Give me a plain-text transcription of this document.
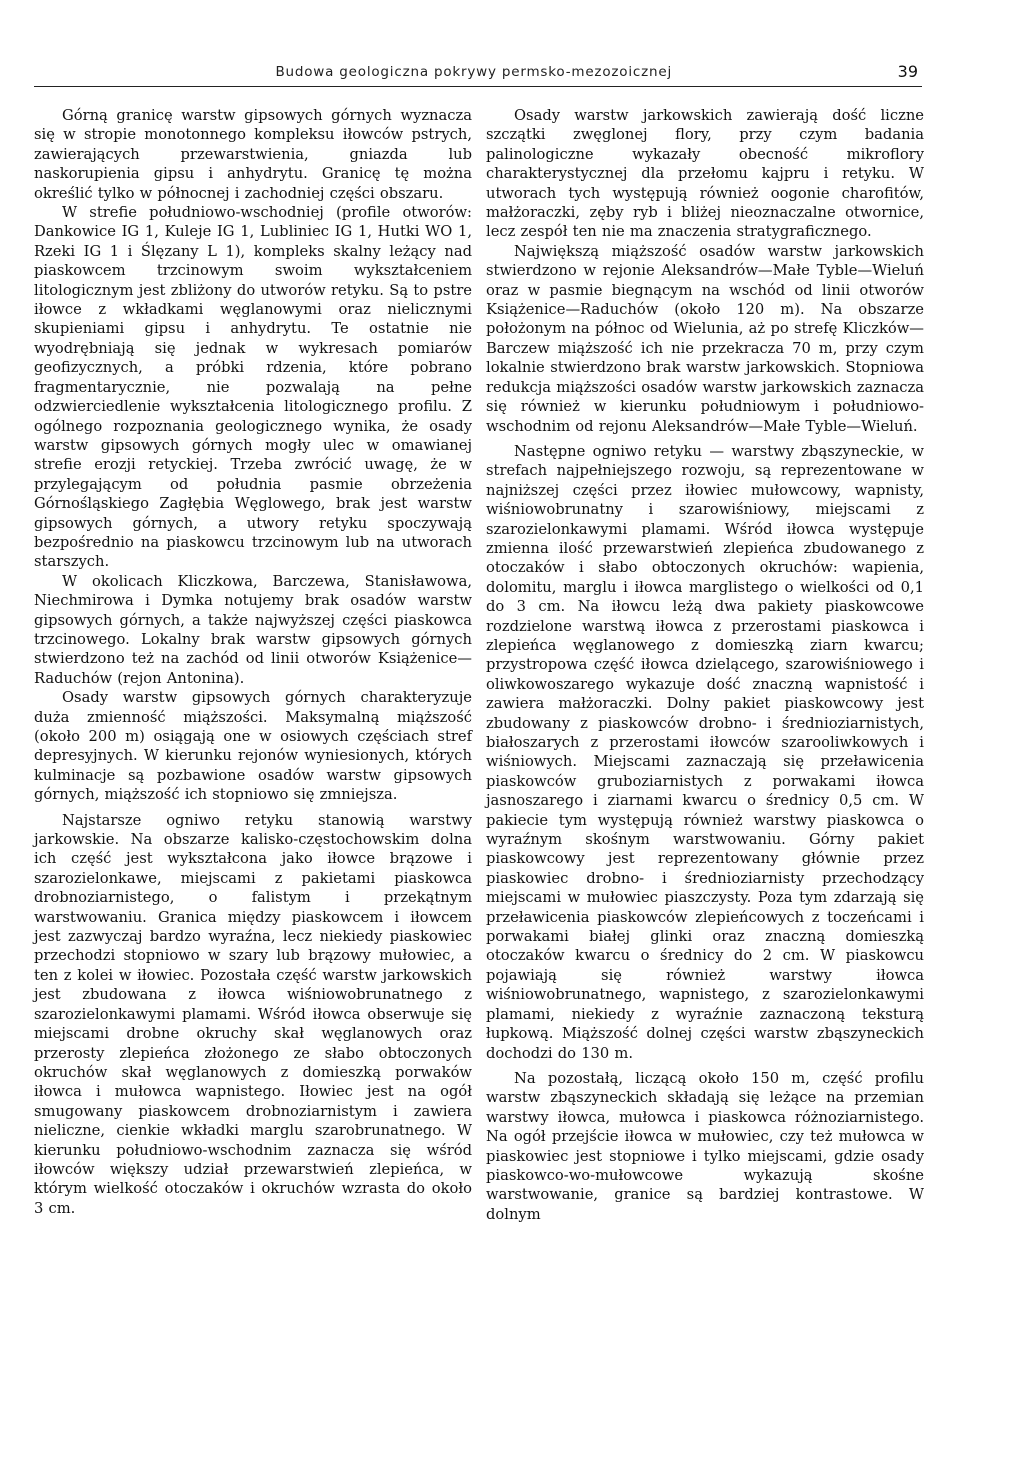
Budowa geologiczna pokrywy permsko-mezozoicznej	39

Górną granicę warstw gipsowych górnych wyznacza się w stropie monotonnego kompleksu iłowców pstrych, zawierających przewarstwienia, gniazda lub naskorupienia gipsu i anhydrytu. Granicę tę można określić tylko w północnej i zachodniej części obszaru.

W strefie południowo-wschodniej (profile otworów: Dankowice IG 1, Kuleje IG 1, Lubliniec IG 1, Hutki WO 1, Rzeki IG 1 i Ślęzany L 1), kompleks skalny leżący nad piaskowcem trzcinowym swoim wykształceniem litologicznym jest zbliżony do utworów retyku. Są to pstre iłowce z wkładkami węglanowymi oraz nielicznymi skupieniami gipsu i anhydrytu. Te ostatnie nie wyodrębniają się jednak w wykresach pomiarów geofizycznych, a próbki rdzenia, które pobrano fragmentarycznie, nie pozwalają na pełne odzwierciedlenie wykształcenia litologicznego profilu. Z ogólnego rozpoznania geologicznego wynika, że osady warstw gipsowych górnych mogły ulec w omawianej strefie erozji retyckiej. Trzeba zwrócić uwagę, że w przylegającym od południa pasmie obrzeżenia Górnośląskiego Zagłębia Węglowego, brak jest warstw gipsowych górnych, a utwory retyku spoczywają bezpośrednio na piaskowcu trzcinowym lub na utworach starszych.

W okolicach Kliczkowa, Barczewa, Stanisławowa, Niechmirowa i Dymka notujemy brak osadów warstw gipsowych górnych, a także najwyższej części piaskowca trzcinowego. Lokalny brak warstw gipsowych górnych stwierdzono też na zachód od linii otworów Książenice—Raduchów (rejon Antonina).

Osady warstw gipsowych górnych charakteryzuje duża zmienność miąższości. Maksymalną miąższość (około 200 m) osiągają one w osiowych częściach stref depresyjnych. W kierunku rejonów wyniesionych, których kulminacje są pozbawione osadów warstw gipsowych górnych, miąższość ich stopniowo się zmniejsza.

Najstarsze ogniwo retyku stanowią warstwy jarkowskie. Na obszarze kalisko-częstochowskim dolna ich część jest wykształcona jako iłowce brązowe i szarozielonkawe, miejscami z pakietami piaskowca drobnoziarnistego, o falistym i przekątnym warstwowaniu. Granica między piaskowcem i iłowcem jest zazwyczaj bardzo wyraźna, lecz niekiedy piaskowiec przechodzi stopniowo w szary lub brązowy mułowiec, a ten z kolei w iłowiec. Pozostała część warstw jarkowskich jest zbudowana z iłowca wiśniowobrunatnego z szarozielonkawymi plamami. Wśród iłowca obserwuje się miejscami drobne okruchy skał węglanowych oraz przerosty zlepieńca złożonego ze słabo obtoczonych okruchów skał węglanowych z domieszką porwaków iłowca i mułowca wapnistego. Iłowiec jest na ogół smugowany piaskowcem drobnoziarnistym i zawiera nieliczne, cienkie wkładki marglu szarobrunatnego. W kierunku południowo-wschodnim zaznacza się wśród iłowców większy udział przewarstwień zlepieńca, w którym wielkość otoczaków i okruchów wzrasta do około 3 cm.

Osady warstw jarkowskich zawierają dość liczne szczątki zwęglonej flory, przy czym badania palinologiczne wykazały obecność mikroflory charakterystycznej dla przełomu kajpru i retyku. W utworach tych występują również oogonie charofitów, małżoraczki, zęby ryb i bliżej nieoznaczalne otwornice, lecz zespół ten nie ma znaczenia stratygraficznego.

Największą miąższość osadów warstw jarkowskich stwierdzono w rejonie Aleksandrów—Małe Tyble—Wieluń oraz w pasmie biegnącym na wschód od linii otworów Książenice—Raduchów (około 120 m). Na obszarze położonym na północ od Wielunia, aż po strefę Kliczków—Barczew miąższość ich nie przekracza 70 m, przy czym lokalnie stwierdzono brak warstw jarkowskich. Stopniowa redukcja miąższości osadów warstw jarkowskich zaznacza się również w kierunku południowym i południowo-wschodnim od rejonu Aleksandrów—Małe Tyble—Wieluń.

Następne ogniwo retyku — warstwy zbąszyneckie, w strefach najpełniejszego rozwoju, są reprezentowane w najniższej części przez iłowiec mułowcowy, wapnisty, wiśniowobrunatny i szarowiśniowy, miejscami z szarozielonkawymi plamami. Wśród iłowca występuje zmienna ilość przewarstwień zlepieńca zbudowanego z otoczaków i słabo obtoczonych okruchów: wapienia, dolomitu, marglu i iłowca marglistego o wielkości od 0,1 do 3 cm. Na iłowcu leżą dwa pakiety piaskowcowe rozdzielone warstwą iłowca z przerostami piaskowca i zlepieńca węglanowego z domieszką ziarn kwarcu; przystropowa część iłowca dzielącego, szarowiśniowego i oliwkowoszarego wykazuje dość znaczną wapnistość i zawiera małżoraczki. Dolny pakiet piaskowcowy jest zbudowany z piaskowców drobno- i średnioziarnistych, białoszarych z przerostami iłowców szarooliwkowych i wiśniowych. Miejscami zaznaczają się przeławicenia piaskowców gruboziarnistych z porwakami iłowca jasnoszarego i ziarnami kwarcu o średnicy 0,5 cm. W pakiecie tym występują również warstwy piaskowca o wyraźnym skośnym warstwowaniu. Górny pakiet piaskowcowy jest reprezentowany głównie przez piaskowiec drobno- i średnioziarnisty przechodzący miejscami w mułowiec piaszczysty. Poza tym zdarzają się przeławicenia piaskowców zlepieńcowych z toczeńcami i porwakami białej glinki oraz znaczną domieszką otoczaków kwarcu o średnicy do 2 cm. W piaskowcu pojawiają się również warstwy iłowca wiśniowobrunatnego, wapnistego, z szarozielonkawymi plamami, niekiedy z wyraźnie zaznaczoną teksturą łupkową. Miąższość dolnej części warstw zbąszyneckich dochodzi do 130 m.

Na pozostałą, liczącą około 150 m, część profilu warstw zbąszyneckich składają się leżące na przemian warstwy iłowca, mułowca i piaskowca różnoziarnistego. Na ogół przejście iłowca w mułowiec, czy też mułowca w piaskowiec jest stopniowe i tylko miejscami, gdzie osady piaskowco-wo-mułowcowe wykazują skośne warstwowanie, granice są bardziej kontrastowe. W dolnym
